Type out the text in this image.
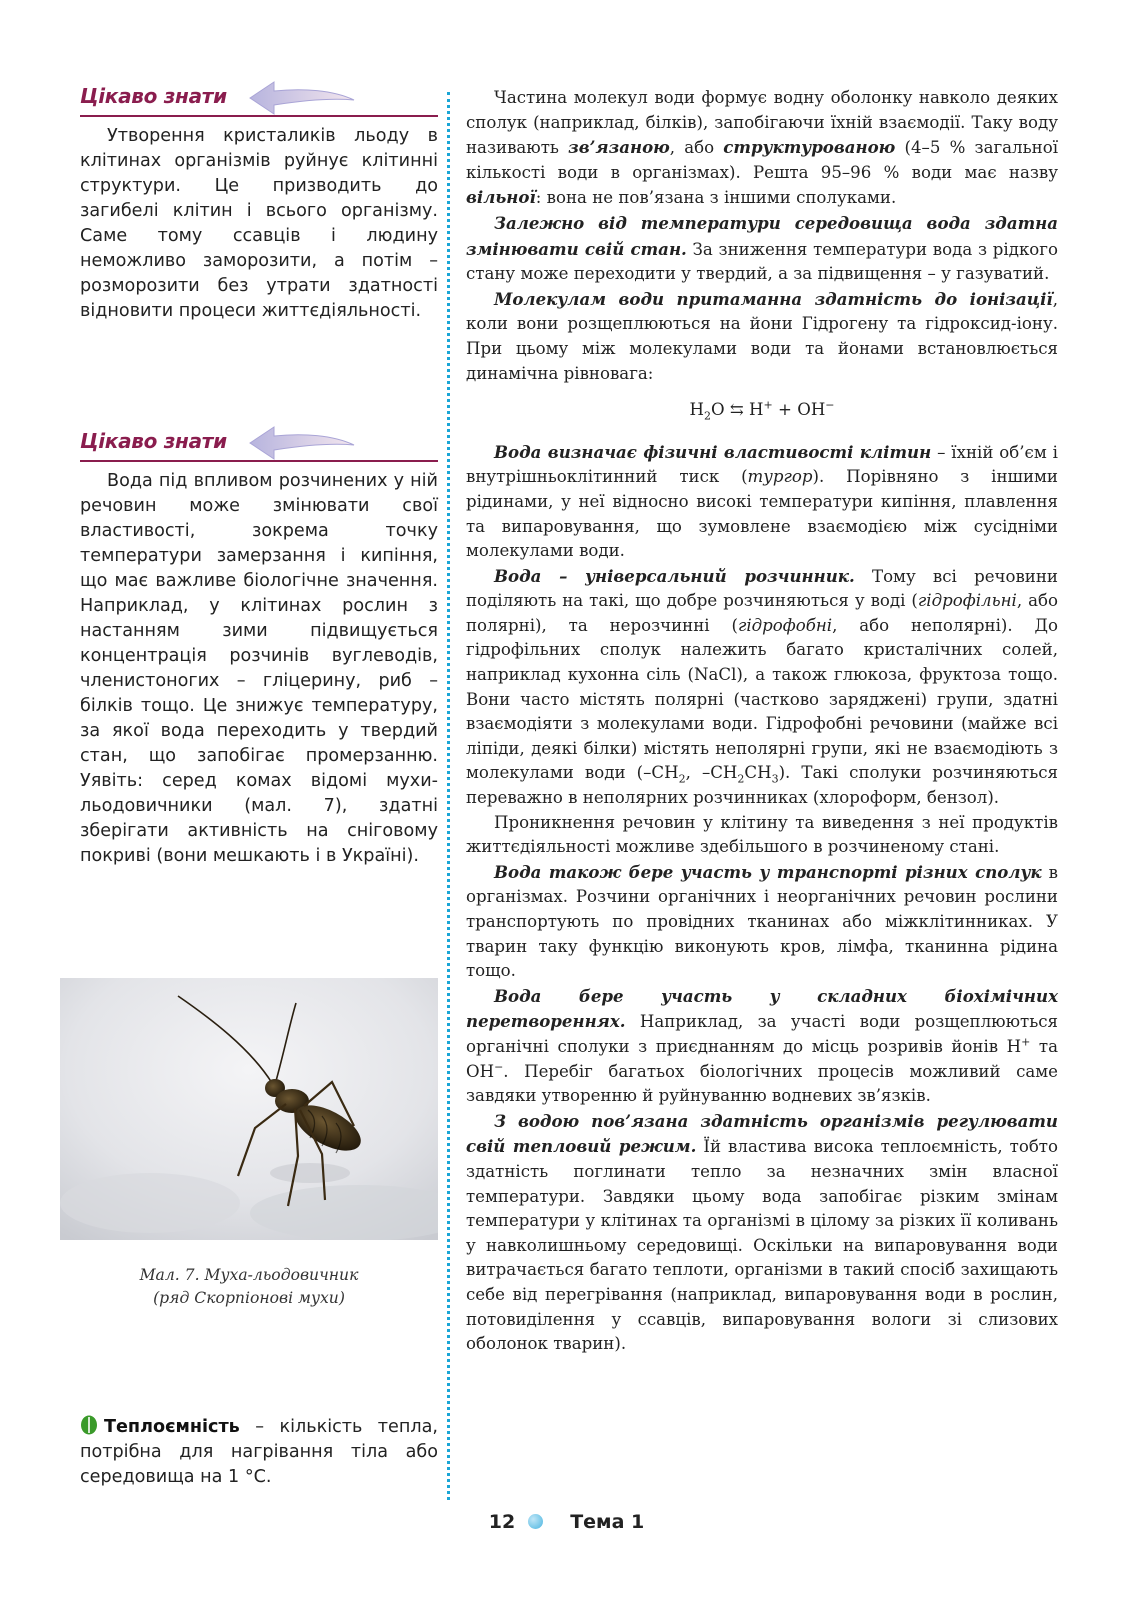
Цікаво знати

Утворення кристаликів льоду в клітинах організмів руйнує клітинні структури. Це призводить до загибелі клітин і всього організму. Саме тому ссавців і людину неможливо заморозити, а потім – розморозити без утрати здатності відновити процеси життєдіяльності.

Цікаво знати

Вода під впливом розчинених у ній речовин може змінювати свої властивості, зокрема точку температури замерзання і кипіння, що має важливе біологічне значення. Наприклад, у клітинах рослин з настанням зими підвищується концентрація розчинів вуглеводів, членистоногих – гліцерину, риб – білків тощо. Це знижує температуру, за якої вода переходить у твердий стан, що запобігає промерзанню. Уявіть: серед комах відомі мухи-льодовичники (мал. 7), здатні зберігати активність на сніговому покриві (вони мешкають і в Україні).

Мал. 7. Муха-льодовичник
(ряд Скорпіонові мухи)
Теплоємність – кількість тепла, потрібна для нагрівання тіла або середовища на 1 °С.

Частина молекул води формує водну оболонку навколо деяких сполук (наприклад, білків), запобігаючи їхній взаємодії. Таку воду називають зв’язаною, або структурованою (4–5 % загальної кількості води в організмах). Решта 95–96 % води має назву вільної: вона не пов’язана з іншими сполуками.

Залежно від температури середовища вода здатна змінювати свій стан. За зниження температури вода з рідкого стану може переходити у твердий, а за підвищення – у газуватий.

Молекулам води притаманна здатність до іонізації, коли вони розщеплюються на йони Гідрогену та гідроксид-іону. При цьому між молекулами води та йонами встановлюється динамічна рівновага:

$H_2O$ ⇆ H+ + OH−

Вода визначає фізичні властивості клітин – їхній об’єм і внутрішньоклітинний тиск (тургор). Порівняно з іншими рідинами, у неї відносно високі температури кипіння, плавлення та випаровування, що зумовлене взаємодією між сусідніми молекулами води.

Вода – універсальний розчинник. Тому всі речовини поділяють на такі, що добре розчиняються у воді (гідрофільні, або полярні), та нерозчинні (гідрофобні, або неполярні). До гідрофільних сполук належить багато кристалічних солей, наприклад кухонна сіль (NaCl), а також глюкоза, фруктоза тощо. Вони часто містять полярні (частково заряджені) групи, здатні взаємодіяти з молекулами води. Гідрофобні речовини (майже всі ліпіди, деякі білки) містять неполярні групи, які не взаємодіють з молекулами води ($-CH_2$, $-CH_2CH_3$). Такі сполуки розчиняються переважно в неполярних розчинниках (хлороформ, бензол).

Проникнення речовин у клітину та виведення з неї продуктів життєдіяльності можливе здебільшого в розчиненому стані.

Вода також бере участь у транспорті різних сполук в організмах. Розчини органічних і неорганічних речовин рослини транспортують по провідних тканинах або міжклітинниках. У тварин таку функцію виконують кров, лімфа, тканинна рідина тощо.

Вода бере участь у складних біохімічних перетвореннях. Наприклад, за участі води розщеплюються органічні сполуки з приєднанням до місць розривів йонів H+ та OH−. Перебіг багатьох біологічних процесів можливий саме завдяки утворенню й руйнуванню водневих зв’язків.

З водою пов’язана здатність організмів регулювати свій тепловий режим. Їй властива висока теплоємність, тобто здатність поглинати тепло за незначних змін власної температури. Завдяки цьому вода запобігає різким змінам температури у клітинах та організмі в цілому за різких її коливань у навколишньому середовищі. Оскільки на випаровування води витрачається багато теплоти, організми в такий спосіб захищають себе від перегрівання (наприклад, випаровування води в рослин, потовиділення у ссавців, випаровування вологи зі слизових оболонок тварин).

12	Тема 1
